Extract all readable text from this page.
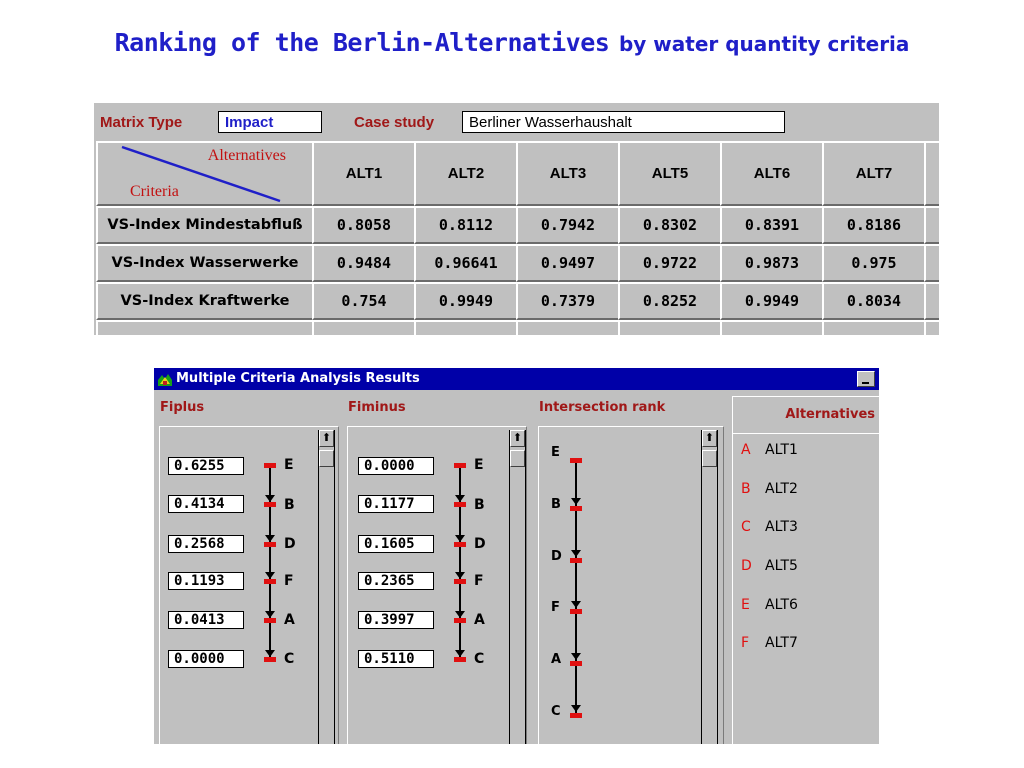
Ranking of the Berlin-Alternatives by water quantity criteria
Matrix Type	Impact	Case study	Berliner Wasserhaushalt
Alternatives
Criteria
ALT1	ALT2	ALT3	ALT5	ALT6	ALT7
VS-Index Mindestabfluß	0.8058	0.8112	0.7942	0.8302	0.8391	0.8186
VS-Index Wasserwerke	0.9484	0.96641	0.9497	0.9722	0.9873	0.975
VS-Index Kraftwerke	0.754	0.9949	0.7379	0.8252	0.9949	0.8034
Multiple Criteria Analysis Results
Fiplus	Fiminus	Intersection rank
⬆	⬆	⬆
0.6255	E
0.4134	B
0.2568	D
0.1193	F
0.0413	A
0.0000	C
0.0000	E
0.1177	B
0.1605	D
0.2365	F
0.3997	A
0.5110	C
E
B
D
F
A
C
Alternatives
A ALT1
B ALT2
C ALT3
D ALT5
E ALT6
F ALT7
